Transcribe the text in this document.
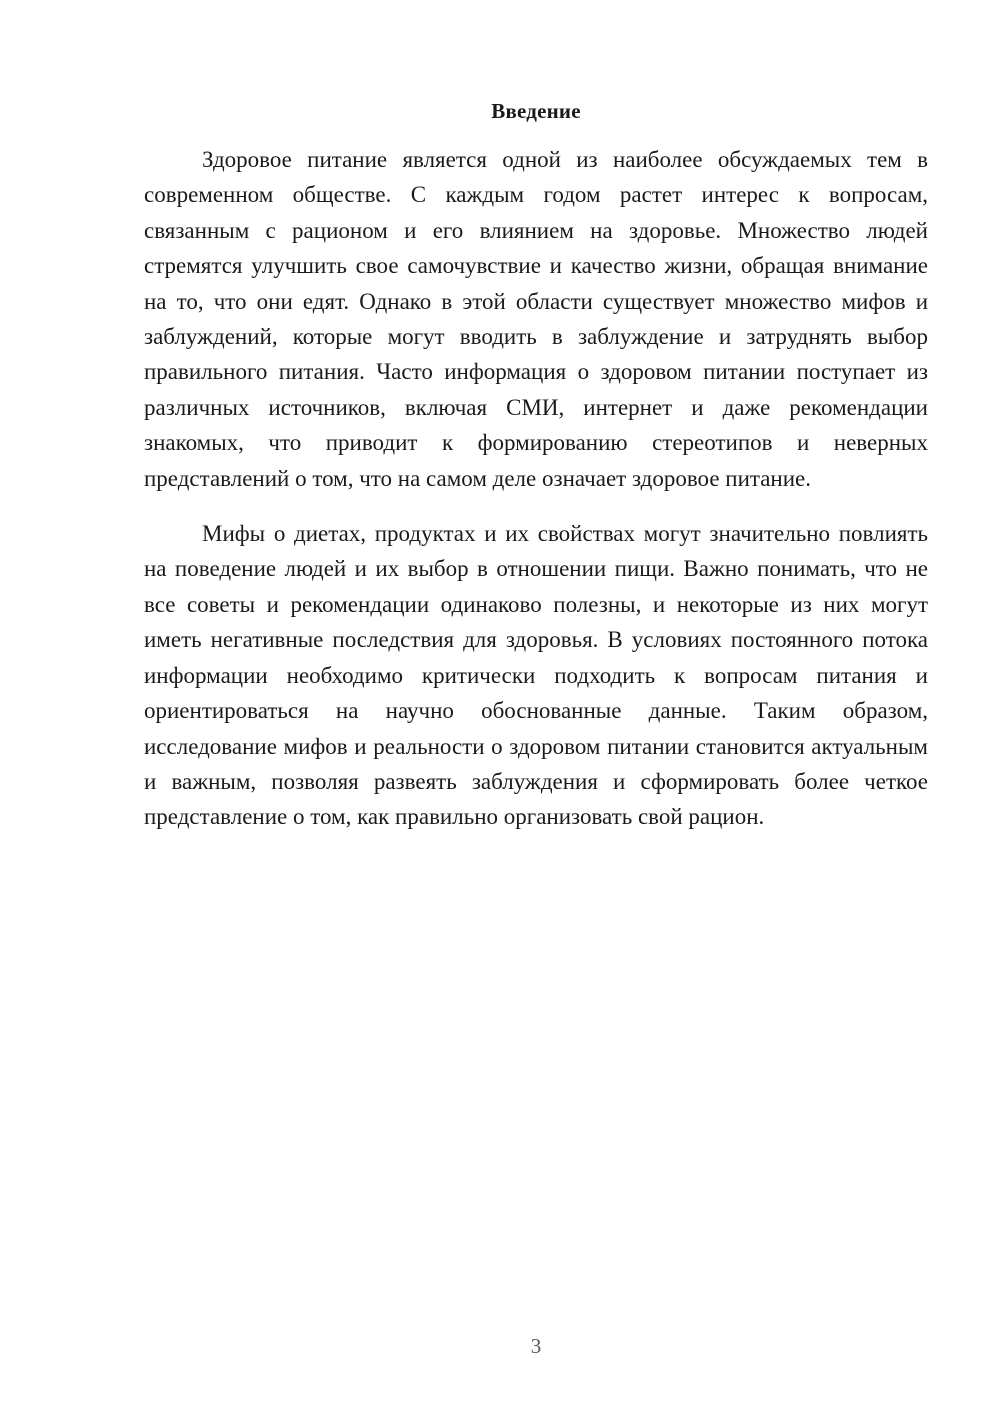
Введение

Здоровое питание является одной из наиболее обсуждаемых тем в современном обществе. С каждым годом растет интерес к вопросам, связанным с рационом и его влиянием на здоровье. Множество людей стремятся улучшить свое самочувствие и качество жизни, обращая внимание на то, что они едят. Однако в этой области существует множество мифов и заблуждений, которые могут вводить в заблуждение и затруднять выбор правильного питания. Часто информация о здоровом питании поступает из различных источников, включая СМИ, интернет и даже рекомендации знакомых, что приводит к формированию стереотипов и неверных представлений о том, что на самом деле означает здоровое питание.

Мифы о диетах, продуктах и их свойствах могут значительно повлиять на поведение людей и их выбор в отношении пищи. Важно понимать, что не все советы и рекомендации одинаково полезны, и некоторые из них могут иметь негативные последствия для здоровья. В условиях постоянного потока информации необходимо критически подходить к вопросам питания и ориентироваться на научно обоснованные данные. Таким образом, исследование мифов и реальности о здоровом питании становится актуальным и важным, позволяя развеять заблуждения и сформировать более четкое представление о том, как правильно организовать свой рацион.

3
